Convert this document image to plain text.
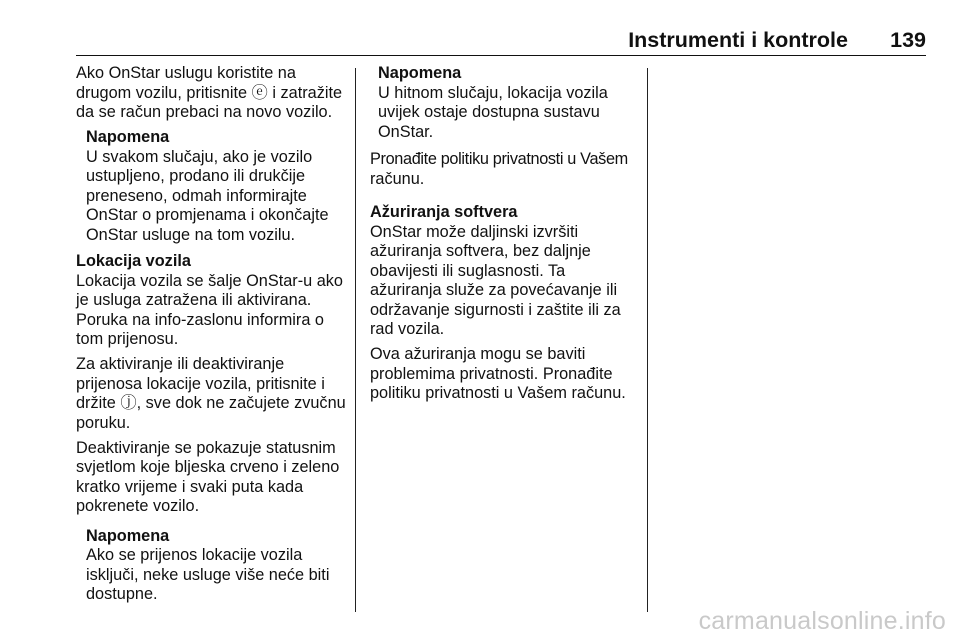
Instrumenti i kontrole 139

Ako OnStar uslugu koristite na
drugom vozilu, pritisnite ⓔ i zatražite
da se račun prebaci na novo vozilo.

Napomena
U svakom slučaju, ako je vozilo
ustupljeno, prodano ili drukčije
preneseno, odmah informirajte
OnStar o promjenama i okončajte
OnStar usluge na tom vozilu.
Lokacija vozila

Lokacija vozila se šalje OnStar-u ako
je usluga zatražena ili aktivirana.
Poruka na info-zaslonu informira o
tom prijenosu.

Za aktiviranje ili deaktiviranje
prijenosa lokacije vozila, pritisnite i
držite ⓙ, sve dok ne začujete zvučnu
poruku.

Deaktiviranje se pokazuje statusnim
svjetlom koje bljeska crveno i zeleno
kratko vrijeme i svaki puta kada
pokrenete vozilo.

Napomena
Ako se prijenos lokacije vozila
isključi, neke usluge više neće biti
dostupne.
Napomena
U hitnom slučaju, lokacija vozila
uvijek ostaje dostupna sustavu
OnStar.

Pronađite politiku privatnosti u Vašem
računu.

Ažuriranja softvera

OnStar može daljinski izvršiti
ažuriranja softvera, bez daljnje
obavijesti ili suglasnosti. Ta
ažuriranja služe za povećavanje ili
održavanje sigurnosti i zaštite ili za
rad vozila.

Ova ažuriranja mogu se baviti
problemima privatnosti. Pronađite
politiku privatnosti u Vašem računu.

carmanualsonline.info
